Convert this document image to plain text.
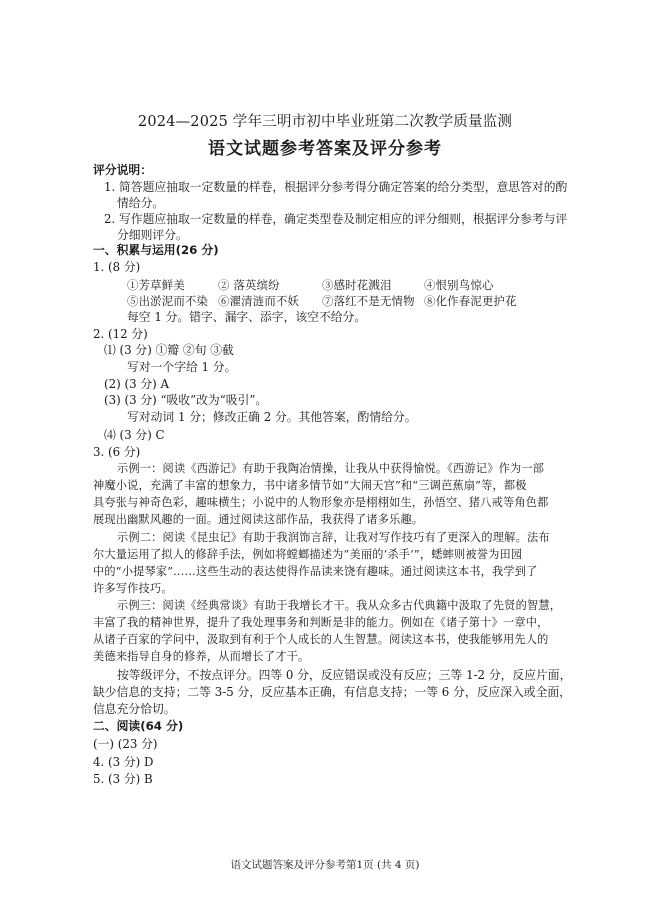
2024—2025 学年三明市初中毕业班第二次教学质量监测
语文试题参考答案及评分参考
评分说明：
1. 简答题应抽取一定数量的样卷，根据评分参考得分确定答案的给分类型，意思答对的酌
情给分。
2. 写作题应抽取一定数量的样卷，确定类型卷及制定相应的评分细则，根据评分参考与评
分细则评分。
一、积累与运用(26 分)
1. (8 分)
①芳草鲜美	② 落英缤纷	③感时花溅泪	④恨别鸟惊心
⑤出淤泥而不染 ⑥濯清涟而不妖 ⑦落红不是无情物 ⑧化作春泥更护花
每空 1 分。错字、漏字、添字，该空不给分。
2. (12 分)
⑴ (3 分) ①瓣 ②旬 ③截
写对一个字给 1 分。
(2) (3 分) A
(3) (3 分) “吸收”改为“吸引”。
写对动词 1 分；修改正确 2 分。其他答案，酌情给分。
⑷ (3 分) C
3. (6 分)
示例一：阅读《西游记》有助于我陶冶情操，让我从中获得愉悦。《西游记》作为一部
神魔小说，充满了丰富的想象力，书中诸多情节如“大闹天宫”和“三调芭蕉扇”等，都极
具夸张与神奇色彩，趣味横生；小说中的人物形象亦是栩栩如生，孙悟空、猪八戒等角色都
展现出幽默风趣的一面。通过阅读这部作品，我获得了诸多乐趣。
示例二：阅读《昆虫记》有助于我润饰言辞，让我对写作技巧有了更深入的理解。法布
尔大量运用了拟人的修辞手法，例如将螳螂描述为“美丽的‘杀手’”，蟋蟀则被誉为田园
中的“小提琴家”……这些生动的表达使得作品读来饶有趣味。通过阅读这本书，我学到了
许多写作技巧。
示例三：阅读《经典常谈》有助于我增长才干。我从众多古代典籍中汲取了先贤的智慧，
丰富了我的精神世界，提升了我处理事务和判断是非的能力。例如在《诸子第十》一章中，
从诸子百家的学问中，汲取到有利于个人成长的人生智慧。阅读这本书，使我能够用先人的
美德来指导自身的修养，从而增长了才干。
按等级评分，不按点评分。四等 0 分，反应错误或没有反应；三等 1-2 分，反应片面，
缺少信息的支持；二等 3-5 分，反应基本正确，有信息支持；一等 6 分，反应深入或全面，
信息充分恰切。
二、阅读(64 分)
(一) (23 分)
4. (3 分) D
5. (3 分) B
语文试题答案及评分参考第1页 (共 4 页)
